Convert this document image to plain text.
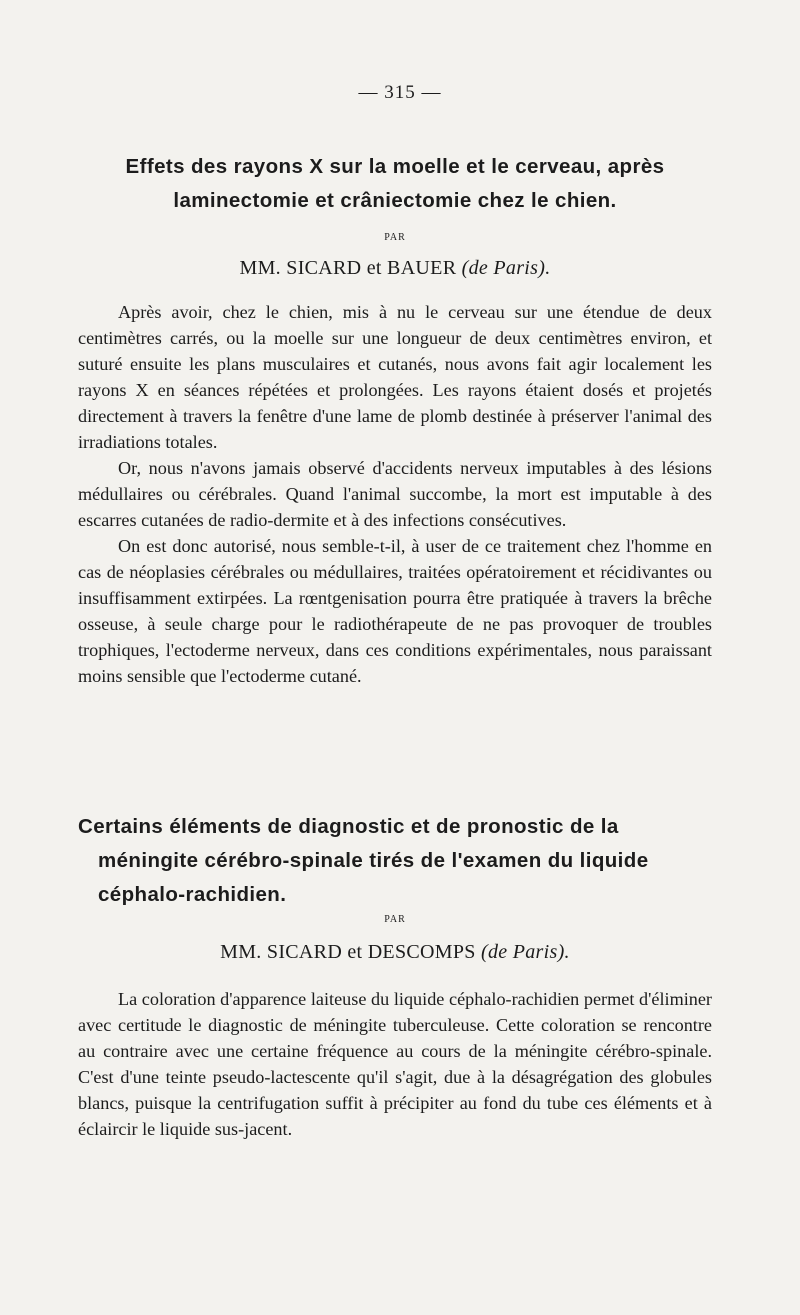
— 315 —
Effets des rayons X sur la moelle et le cerveau, après
laminectomie et crâniectomie chez le chien.

PAR

MM. SICARD et BAUER (de Paris).

Après avoir, chez le chien, mis à nu le cerveau sur une étendue de deux centimètres carrés, ou la moelle sur une longueur de deux centimètres environ, et suturé ensuite les plans musculaires et cutanés, nous avons fait agir localement les rayons X en séances répétées et prolongées. Les rayons étaient dosés et projetés directement à travers la fenêtre d'une lame de plomb destinée à préserver l'animal des irradiations totales.

Or, nous n'avons jamais observé d'accidents nerveux imputables à des lésions médullaires ou cérébrales. Quand l'animal succombe, la mort est imputable à des escarres cutanées de radio-dermite et à des infections consécutives.

On est donc autorisé, nous semble-t-il, à user de ce traitement chez l'homme en cas de néoplasies cérébrales ou médullaires, traitées opératoirement et récidivantes ou insuffisamment extirpées. La rœntgenisation pourra être pratiquée à travers la brêche osseuse, à seule charge pour le radiothérapeute de ne pas provoquer de troubles trophiques, l'ectoderme nerveux, dans ces conditions expérimentales, nous paraissant moins sensible que l'ectoderme cutané.

Certains éléments de diagnostic et de pronostic de la
méningite cérébro-spinale tirés de l'examen du liquide
céphalo-rachidien.

PAR

MM. SICARD et DESCOMPS (de Paris).

La coloration d'apparence laiteuse du liquide céphalo-rachidien permet d'éliminer avec certitude le diagnostic de méningite tuberculeuse. Cette coloration se rencontre au contraire avec une certaine fréquence au cours de la méningite cérébro-spinale. C'est d'une teinte pseudo-lactescente qu'il s'agit, due à la désagrégation des globules blancs, puisque la centrifugation suffit à précipiter au fond du tube ces éléments et à éclaircir le liquide sus-jacent.
